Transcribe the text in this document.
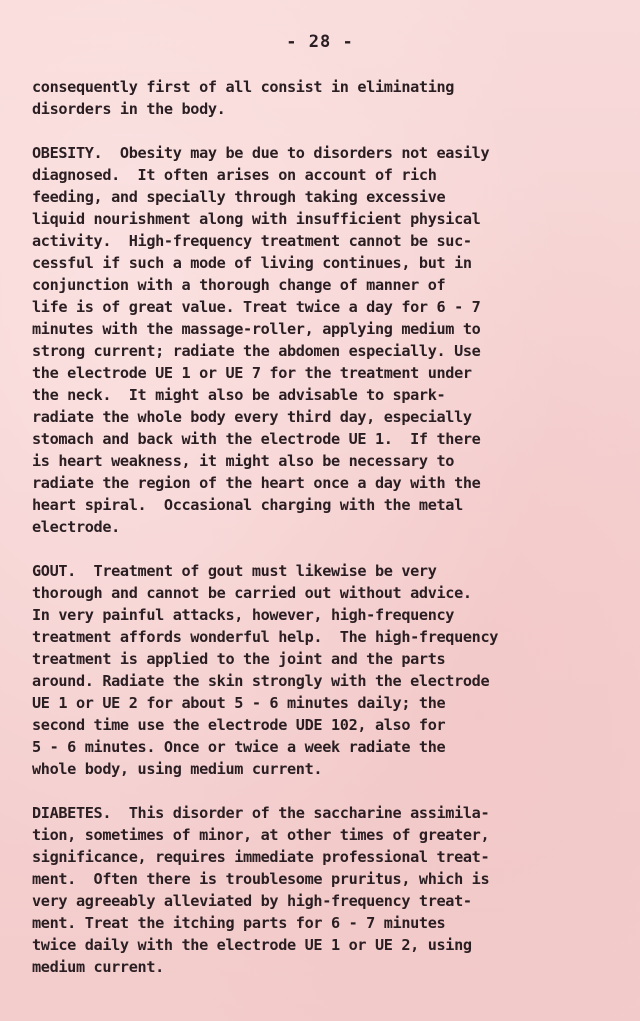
- 28 -
consequently first of all consist in eliminating
disorders in the body.
OBESITY.  Obesity may be due to disorders not easily
diagnosed.  It often arises on account of rich
feeding, and specially through taking excessive
liquid nourishment along with insufficient physical
activity.  High-frequency treatment cannot be suc-
cessful if such a mode of living continues, but in
conjunction with a thorough change of manner of
life is of great value. Treat twice a day for 6 - 7
minutes with the massage-roller, applying medium to
strong current; radiate the abdomen especially. Use
the electrode UE 1 or UE 7 for the treatment under
the neck.  It might also be advisable to spark-
radiate the whole body every third day, especially
stomach and back with the electrode UE 1.  If there
is heart weakness, it might also be necessary to
radiate the region of the heart once a day with the
heart spiral.  Occasional charging with the metal
electrode.
GOUT.  Treatment of gout must likewise be very
thorough and cannot be carried out without advice.
In very painful attacks, however, high-frequency
treatment affords wonderful help.  The high-frequency
treatment is applied to the joint and the parts
around. Radiate the skin strongly with the electrode
UE 1 or UE 2 for about 5 - 6 minutes daily; the
second time use the electrode UDE 102, also for
5 - 6 minutes. Once or twice a week radiate the
whole body, using medium current.
DIABETES.  This disorder of the saccharine assimila-
tion, sometimes of minor, at other times of greater,
significance, requires immediate professional treat-
ment.  Often there is troublesome pruritus, which is
very agreeably alleviated by high-frequency treat-
ment. Treat the itching parts for 6 - 7 minutes
twice daily with the electrode UE 1 or UE 2, using
medium current.
